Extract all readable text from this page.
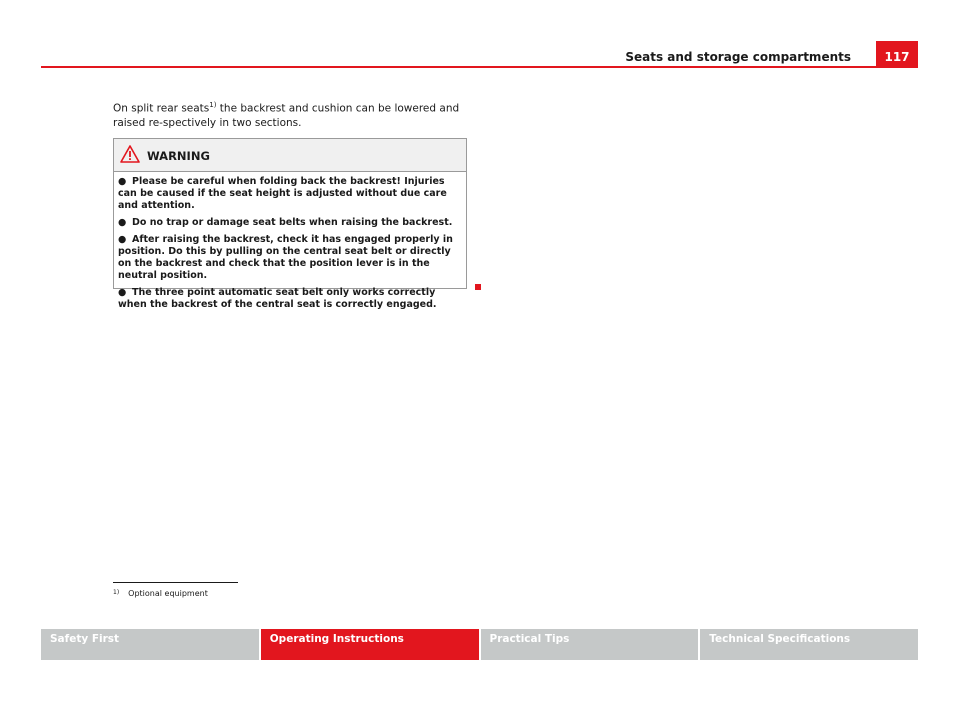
117
Seats and storage compartments
On split rear seats$^{1)}$ the backrest and cushion can be lowered and raised re-spectively in two sections.
WARNING

● Please be careful when folding back the backrest! Injuries can be caused if the seat height is adjusted without due care and attention.

● Do no trap or damage seat belts when raising the backrest.

● After raising the backrest, check it has engaged properly in position. Do this by pulling on the central seat belt or directly on the backrest and check that the position lever is in the neutral position.

● The three point automatic seat belt only works correctly when the backrest of the central seat is correctly engaged.

$^{1)}$ Optional equipment
Safety First	Operating Instructions	Practical Tips	Technical Specifications
